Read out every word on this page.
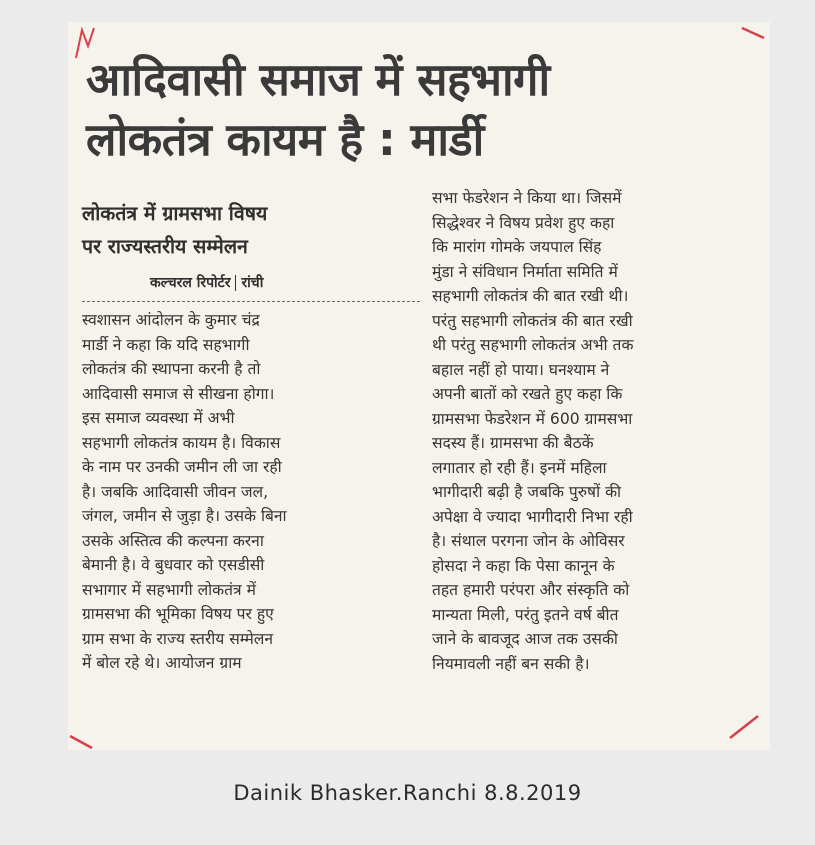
आदिवासी समाज में सहभागी
लोकतंत्र कायम है : मार्डी
लोकतंत्र में ग्रामसभा विषय
पर राज्यस्तरीय सम्मेलन
कल्चरल रिपोर्टर रांची
स्वशासन आंदोलन के कुमार चंद्र
मार्डी ने कहा कि यदि सहभागी
लोकतंत्र की स्थापना करनी है तो
आदिवासी समाज से सीखना होगा।
इस समाज व्यवस्था में अभी
सहभागी लोकतंत्र कायम है। विकास
के नाम पर उनकी जमीन ली जा रही
है। जबकि आदिवासी जीवन जल,
जंगल, जमीन से जुड़ा है। उसके बिना
उसके अस्तित्व की कल्पना करना
बेमानी है। वे बुधवार को एसडीसी
सभागार में सहभागी लोकतंत्र में
ग्रामसभा की भूमिका विषय पर हुए
ग्राम सभा के राज्य स्तरीय सम्मेलन
में बोल रहे थे। आयोजन ग्राम
सभा फेडरेशन ने किया था। जिसमें
सिद्धेश्वर ने विषय प्रवेश हुए कहा
कि मारांग गोमके जयपाल सिंह
मुंडा ने संविधान निर्माता समिति में
सहभागी लोकतंत्र की बात रखी थी।
परंतु सहभागी लोकतंत्र की बात रखी
थी परंतु सहभागी लोकतंत्र अभी तक
बहाल नहीं हो पाया। घनश्याम ने
अपनी बातों को रखते हुए कहा कि
ग्रामसभा फेडरेशन में 600 ग्रामसभा
सदस्य हैं। ग्रामसभा की बैठकें
लगातार हो रही हैं। इनमें महिला
भागीदारी बढ़ी है जबकि पुरुषों की
अपेक्षा वे ज्यादा भागीदारी निभा रही
है। संथाल परगना जोन के ओविसर
होसदा ने कहा कि पेसा कानून के
तहत हमारी परंपरा और संस्कृति को
मान्यता मिली, परंतु इतने वर्ष बीत
जाने के बावजूद आज तक उसकी
नियमावली नहीं बन सकी है।

Dainik Bhasker.Ranchi 8.8.2019
